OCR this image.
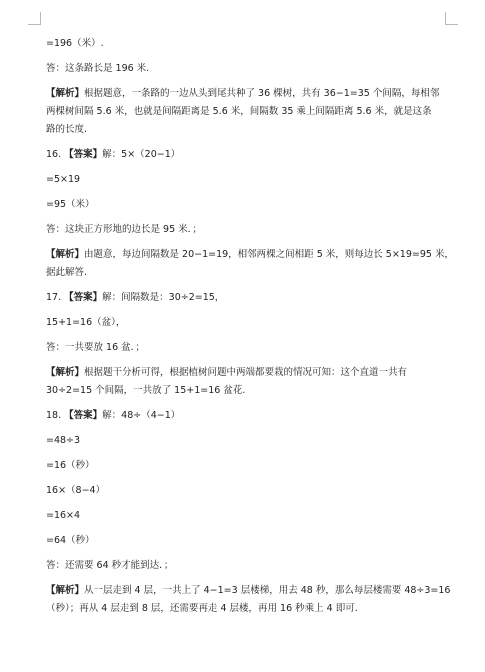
=196（米）.
答：这条路长是 196 米.
【解析】根据题意，一条路的一边从头到尾共种了 36 棵树，共有 36−1=35 个间隔，每相邻
两棵树间隔 5.6 米，也就是间隔距离是 5.6 米，间隔数 35 乘上间隔距离 5.6 米，就是这条
路的长度.
16. 【答案】解：5×（20−1）
=5×19
=95（米）
答：这块正方形地的边长是 95 米．；
【解析】由题意，每边间隔数是 20−1=19，相邻两棵之间相距 5 米，则每边长 5×19=95 米，
据此解答.
17. 【答案】解：间隔数是：30÷2=15，
15+1=16（盆），
答：一共要放 16 盆．；
【解析】根据题干分析可得，根据植树问题中两端都要栽的情况可知：这个直道一共有
30÷2=15 个间隔，一共放了 15+1=16 盆花.
18. 【答案】解：48÷（4−1）
=48÷3
=16（秒）
16×（8−4）
=16×4
=64（秒）
答：还需要 64 秒才能到达．；
【解析】从一层走到 4 层，一共上了 4−1=3 层楼梯，用去 48 秒，那么每层楼需要 48÷3=16
（秒）；再从 4 层走到 8 层，还需要再走 4 层楼，再用 16 秒乘上 4 即可.
